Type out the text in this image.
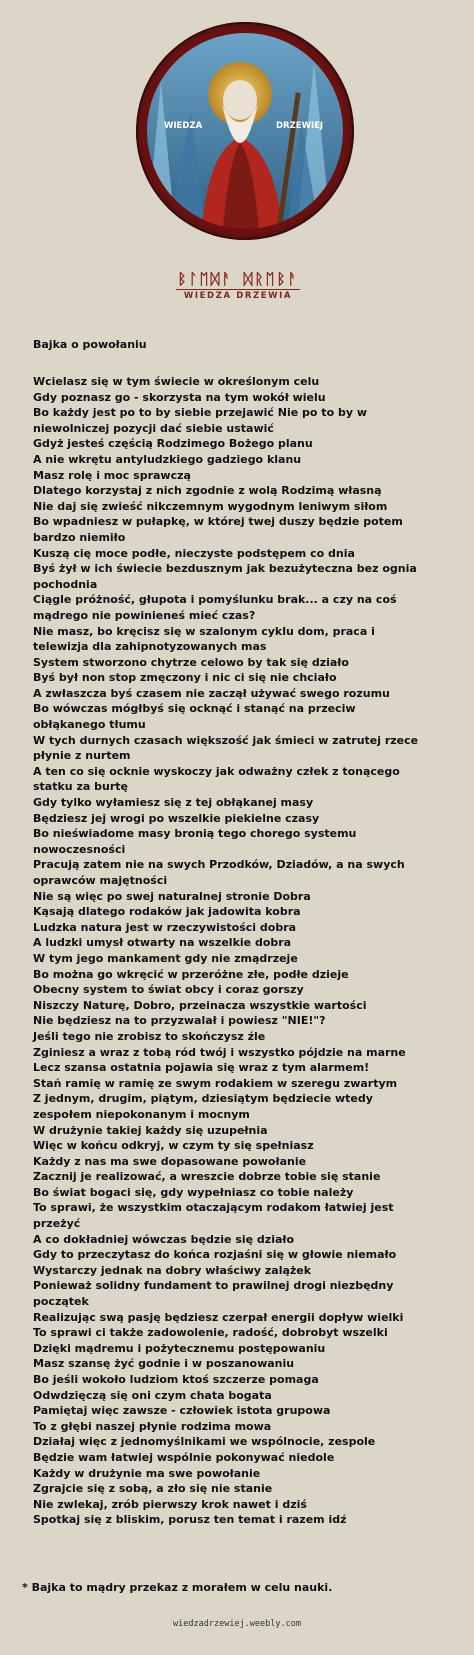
WIEDZA	DRZEWIEJ
ᛒᛚᛖᛞᚨ ᛞᚱᛖᛒᚨ
WIEDZA DRZEWIA
Bajka o powołaniu
Wcielasz się w tym świecie w określonym celu
Gdy poznasz go - skorzysta na tym wokół wielu
Bo każdy jest po to by siebie przejawić Nie po to by w
niewolniczej pozycji dać siebie ustawić
Gdyż jesteś częścią Rodzimego Bożego planu
A nie wkrętu antyludzkiego gadziego klanu
Masz rolę i moc sprawczą
Dlatego korzystaj z nich zgodnie z wolą Rodzimą własną
Nie daj się zwieść nikczemnym wygodnym leniwym siłom
Bo wpadniesz w pułapkę, w której twej duszy będzie potem
bardzo niemiło
Kuszą cię moce podłe, nieczyste podstępem co dnia
Byś żył w ich świecie bezdusznym jak bezużyteczna bez ognia
pochodnia
Ciągle próżność, głupota i pomyślunku brak... a czy na coś
mądrego nie powinieneś mieć czas?
Nie masz, bo kręcisz się w szalonym cyklu dom, praca i
telewizja dla zahipnotyzowanych mas
System stworzono chytrze celowo by tak się działo
Byś był non stop zmęczony i nic ci się nie chciało
A zwłaszcza byś czasem nie zaczął używać swego rozumu
Bo wówczas mógłbyś się ocknąć i stanąć na przeciw
obłąkanego tłumu
W tych durnych czasach większość jak śmieci w zatrutej rzece
płynie z nurtem
A ten co się ocknie wyskoczy jak odważny człek z tonącego
statku za burtę
Gdy tylko wyłamiesz się z tej obłąkanej masy
Będziesz jej wrogi po wszelkie piekielne czasy
Bo nieświadome masy bronią tego chorego systemu
nowoczesności
Pracują zatem nie na swych Przodków, Dziadów, a na swych
oprawców majętności
Nie są więc po swej naturalnej stronie Dobra
Kąsają dlatego rodaków jak jadowita kobra
Ludzka natura jest w rzeczywistości dobra
A ludzki umysł otwarty na wszelkie dobra
W tym jego mankament gdy nie zmądrzeje
Bo można go wkręcić w przeróżne złe, podłe dzieje
Obecny system to świat obcy i coraz gorszy
Niszczy Naturę, Dobro, przeinacza wszystkie wartości
Nie będziesz na to przyzwalał i powiesz "NIE!"?
Jeśli tego nie zrobisz to skończysz źle
Zginiesz a wraz z tobą ród twój i wszystko pójdzie na marne
Lecz szansa ostatnia pojawia się wraz z tym alarmem!
Stań ramię w ramię ze swym rodakiem w szeregu zwartym
Z jednym, drugim, piątym, dziesiątym będziecie wtedy
zespołem niepokonanym i mocnym
W drużynie takiej każdy się uzupełnia
Więc w końcu odkryj, w czym ty się spełniasz
Każdy z nas ma swe dopasowane powołanie
Zacznij je realizować, a wreszcie dobrze tobie się stanie
Bo świat bogaci się, gdy wypełniasz co tobie należy
To sprawi, że wszystkim otaczającym rodakom łatwiej jest
przeżyć
A co dokładniej wówczas będzie się działo
Gdy to przeczytasz do końca rozjaśni się w głowie niemało
Wystarczy jednak na dobry właściwy zalążek
Ponieważ solidny fundament to prawilnej drogi niezbędny
początek
Realizując swą pasję będziesz czerpał energii dopływ wielki
To sprawi ci także zadowolenie, radość, dobrobyt wszelki
Dzięki mądremu i pożytecznemu postępowaniu
Masz szansę żyć godnie i w poszanowaniu
Bo jeśli wokoło ludziom ktoś szczerze pomaga
Odwdzięczą się oni czym chata bogata
Pamiętaj więc zawsze - człowiek istota grupowa
To z głębi naszej płynie rodzima mowa
Działaj więc z jednomyślnikami we wspólnocie, zespole
Będzie wam łatwiej wspólnie pokonywać niedole
Każdy w drużynie ma swe powołanie
Zgrajcie się z sobą, a zło się nie stanie
Nie zwlekaj, zrób pierwszy krok nawet i dziś
Spotkaj się z bliskim, porusz ten temat i razem idź
* Bajka to mądry przekaz z morałem w celu nauki.
wiedzadrzewiej.weebly.com
